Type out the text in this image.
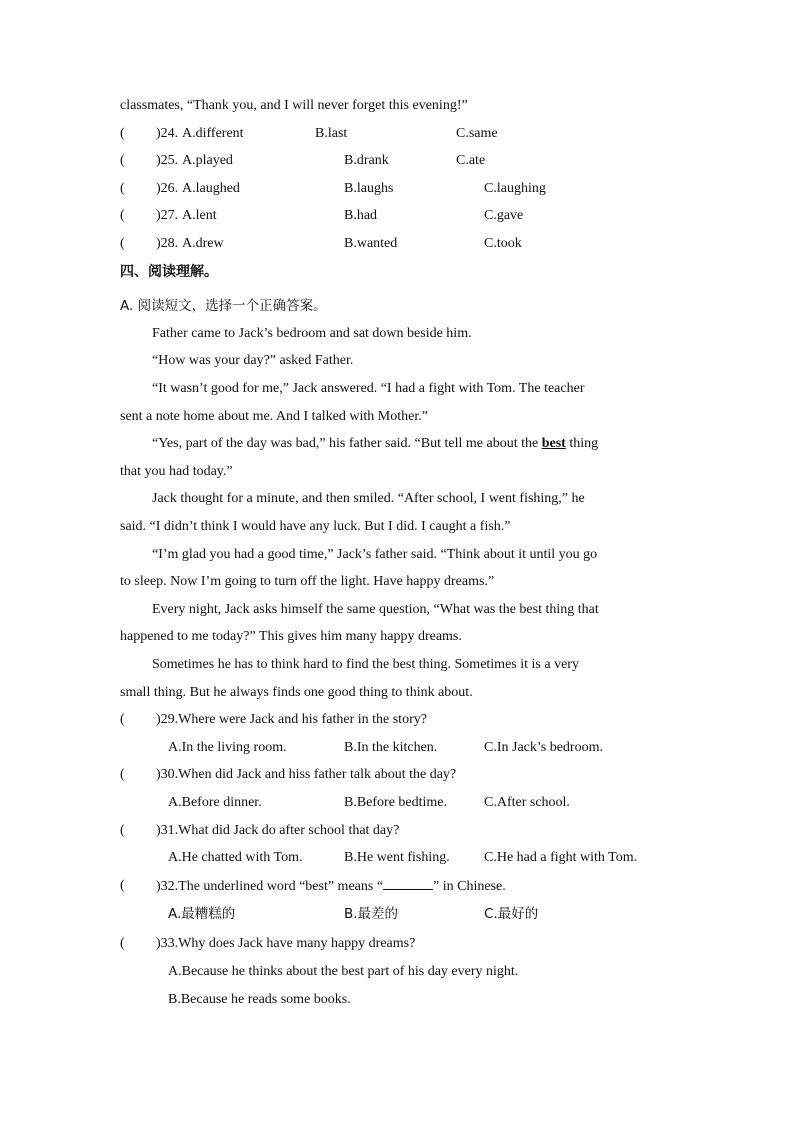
classmates, “Thank you, and I will never forget this evening!”
( )24. A.different	B.last	C.same
( )25. A.played	B.drank	C.ate
( )26. A.laughed	B.laughs	C.laughing
( )27. A.lent	B.had	C.gave
( )28. A.drew	B.wanted	C.took
四、阅读理解。
A. 阅读短文，选择一个正确答案。
Father came to Jack’s bedroom and sat down beside him.
“How was your day?” asked Father.
“It wasn’t good for me,” Jack answered. “I had a fight with Tom. The teacher
sent a note home about me. And I talked with Mother.”
“Yes, part of the day was bad,” his father said. “But tell me about the best thing
that you had today.”
Jack thought for a minute, and then smiled. “After school, I went fishing,” he
said. “I didn’t think I would have any luck. But I did. I caught a fish.”
“I’m glad you had a good time,” Jack’s father said. “Think about it until you go
to sleep. Now I’m going to turn off the light. Have happy dreams.”
Every night, Jack asks himself the same question, “What was the best thing that
happened to me today?” This gives him many happy dreams.
Sometimes he has to think hard to find the best thing. Sometimes it is a very
small thing. But he always finds one good thing to think about.
( )29.Where were Jack and his father in the story?
A.In the living room.	B.In the kitchen.	C.In Jack’s bedroom.
( )30.When did Jack and hiss father talk about the day?
A.Before dinner.	B.Before bedtime.	C.After school.
( )31.What did Jack do after school that day?
A.He chatted with Tom.	B.He went fishing. C.He had a fight with Tom.
( )32.The underlined word “best” means “	” in Chinese.
A.最糟糕的	B.最差的	C.最好的
( )33.Why does Jack have many happy dreams?
A.Because he thinks about the best part of his day every night.
B.Because he reads some books.
